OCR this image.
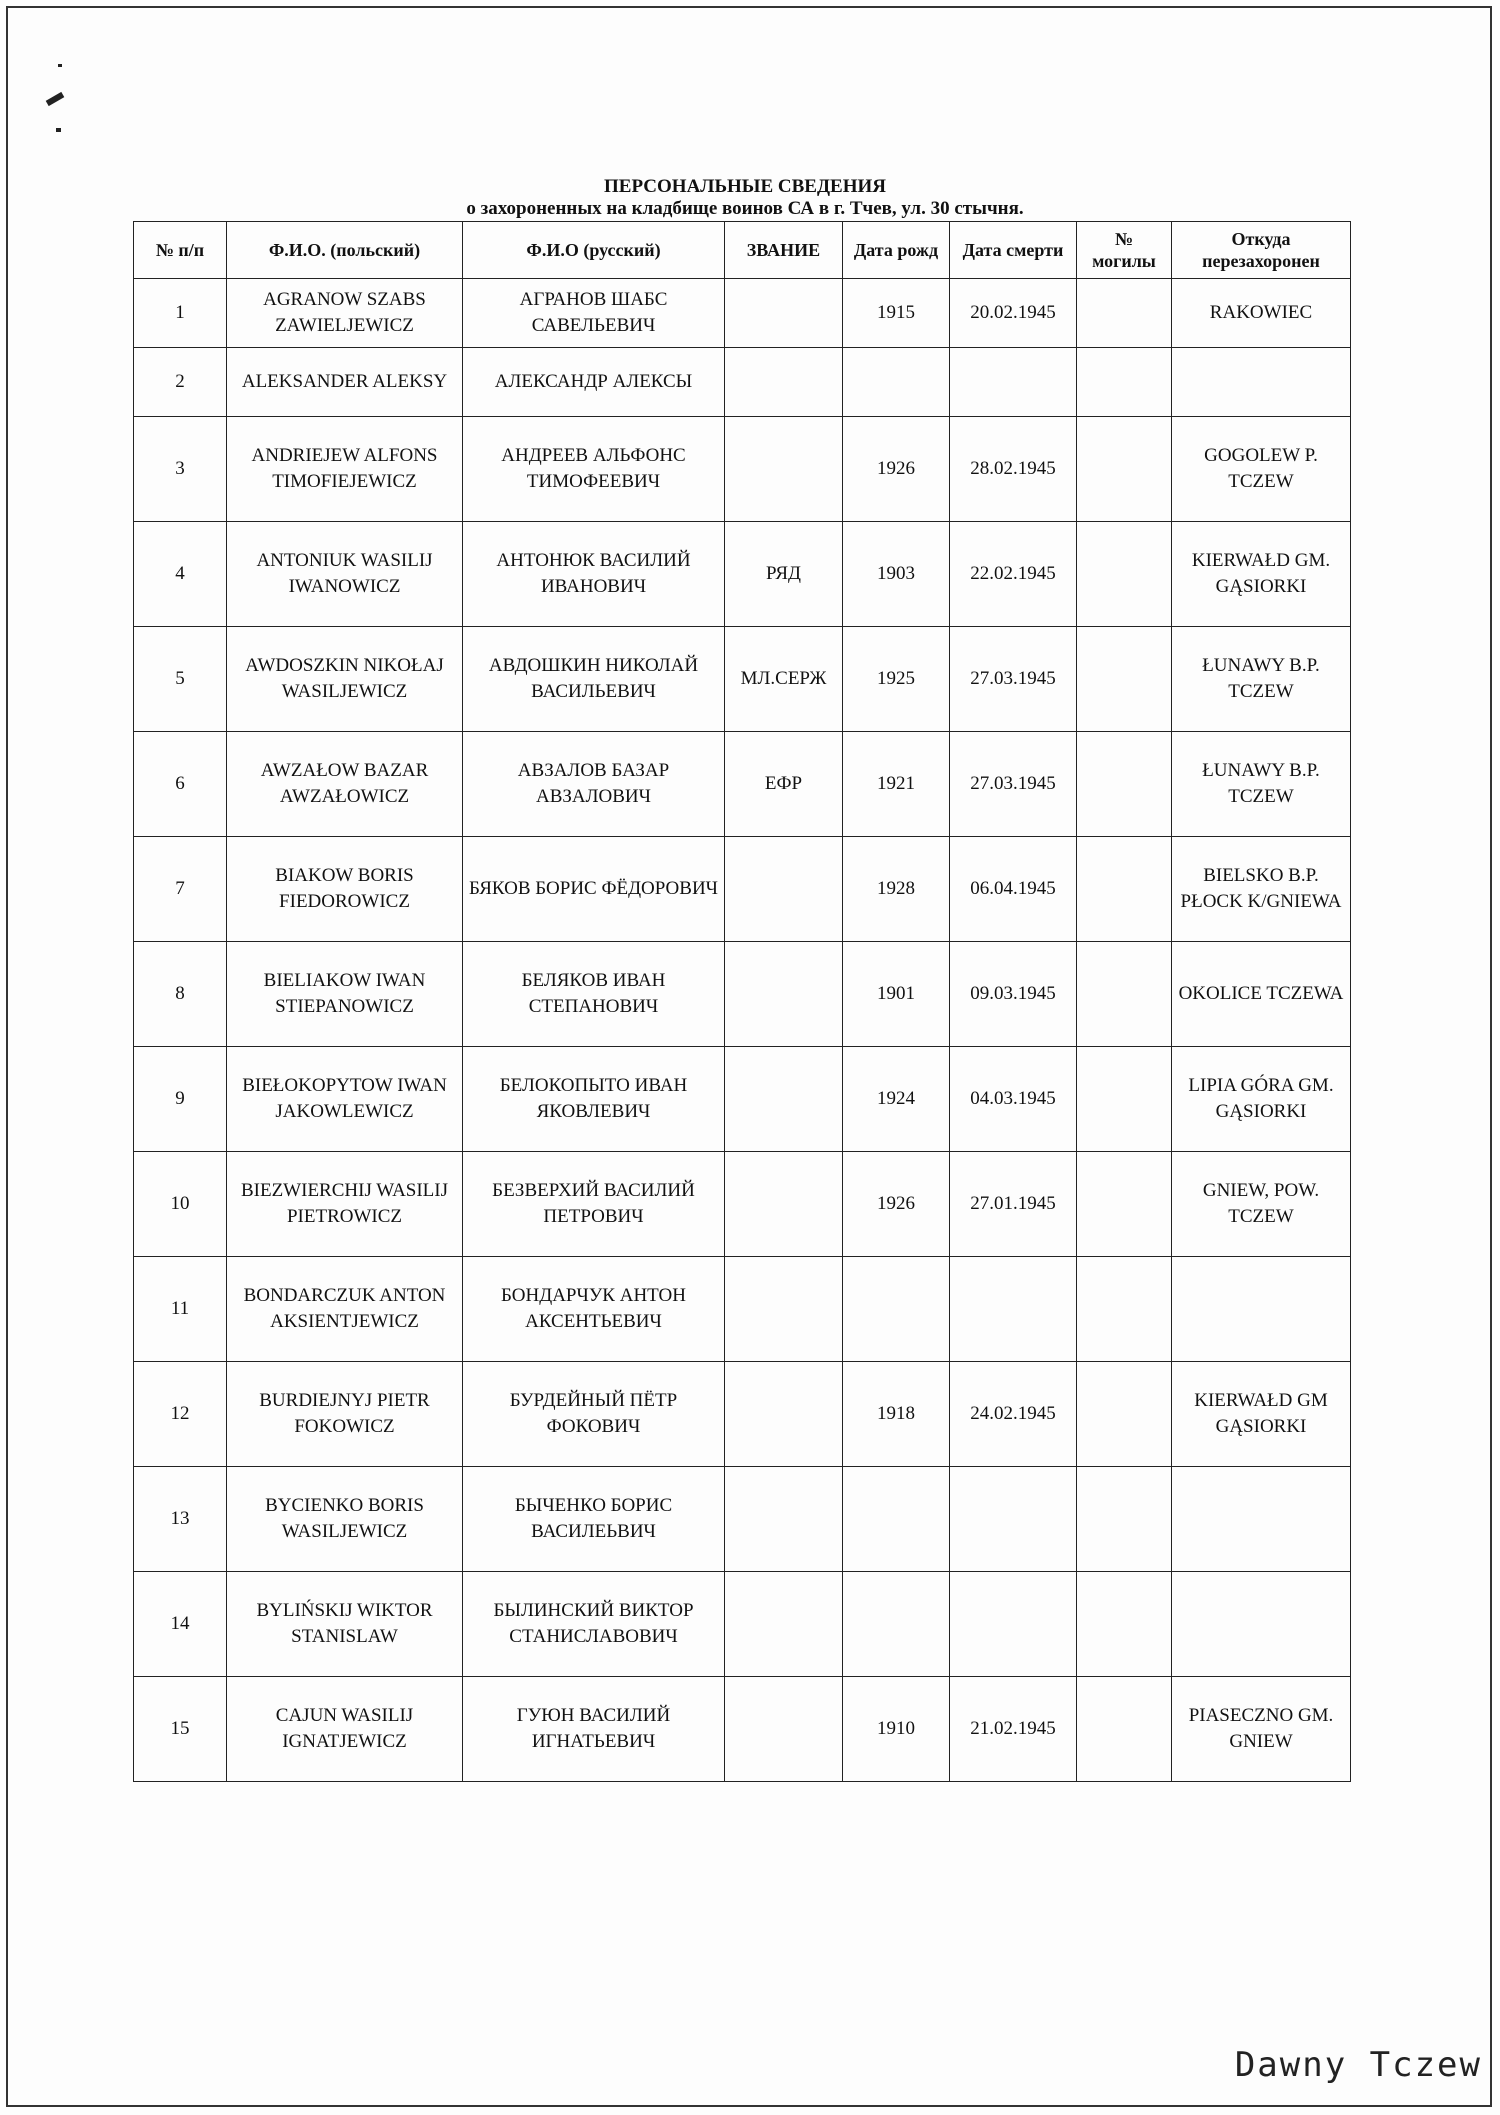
ПЕРСОНАЛЬНЫЕ СВЕДЕНИЯ
о захороненных на кладбище воинов СА в г. Тчев, ул. 30 стычня.
№ п/п	Ф.И.О. (польский)	Ф.И.О (русский)	ЗВАНИЕ	Дата рожд	Дата смерти	№ могилы	Откуда перезахоронен
1	AGRANOW SZABS ZAWIELJEWICZ	АГРАНОВ ШАБС САВЕЛЬЕВИЧ		1915	20.02.1945		RAKOWIEC
2	ALEKSANDER ALEKSY	АЛЕКСАНДР АЛЕКСЫ					
3	ANDRIEJEW ALFONS TIMOFIEJEWICZ	АНДРЕЕВ АЛЬФОНС ТИМОФЕЕВИЧ		1926	28.02.1945		GOGOLEW P. TCZEW
4	ANTONIUK WASILIJ IWANOWICZ	АНТОНЮК ВАСИЛИЙ ИВАНОВИЧ	РЯД	1903	22.02.1945		KIERWAŁD GM. GĄSIORKI
5	AWDOSZKIN NIKOŁAJ WASILJEWICZ	АВДОШКИН НИКОЛАЙ ВАСИЛЬЕВИЧ	МЛ.СЕРЖ	1925	27.03.1945		ŁUNAWY B.P. TCZEW
6	AWZAŁOW BAZAR AWZAŁOWICZ	АВЗАЛОВ БАЗАР АВЗАЛОВИЧ	ЕФР	1921	27.03.1945		ŁUNAWY B.P. TCZEW
7	BIAKOW BORIS FIEDOROWICZ	БЯКОВ БОРИС ФЁДОРОВИЧ		1928	06.04.1945		BIELSKO B.P. PŁOCK K/GNIEWA
8	BIELIAKOW IWAN STIEPANOWICZ	БЕЛЯКОВ ИВАН СТЕПАНОВИЧ		1901	09.03.1945		OKOLICE TCZEWA
9	BIEŁOKOPYTOW IWAN JAKOWLEWICZ	БЕЛОКОПЫТО ИВАН ЯКОВЛЕВИЧ		1924	04.03.1945		LIPIA GÓRA GM. GĄSIORKI
10	BIEZWIERCHIJ WASILIJ PIETROWICZ	БЕЗВЕРХИЙ ВАСИЛИЙ ПЕТРОВИЧ		1926	27.01.1945		GNIEW, POW. TCZEW
11	BONDARCZUK ANTON AKSIENTJEWICZ	БОНДАРЧУК АНТОН АКСЕНТЬЕВИЧ					
12	BURDIEJNYJ PIETR FOKOWICZ	БУРДЕЙНЫЙ ПЁТР ФОКОВИЧ		1918	24.02.1945		KIERWAŁD GM GĄSIORKI
13	BYCIENKO BORIS WASILJEWICZ	БЫЧЕНКО БОРИС ВАСИЛЕЬВИЧ					
14	BYLIŃSKIJ WIKTOR STANISLAW	БЫЛИНСКИЙ ВИКТОР СТАНИСЛАВОВИЧ					
15	CAJUN WASILIJ IGNATJEWICZ	ГУЮН ВАСИЛИЙ ИГНАТЬЕВИЧ		1910	21.02.1945		PIASECZNO GM. GNIEW
Dawny Tczew
